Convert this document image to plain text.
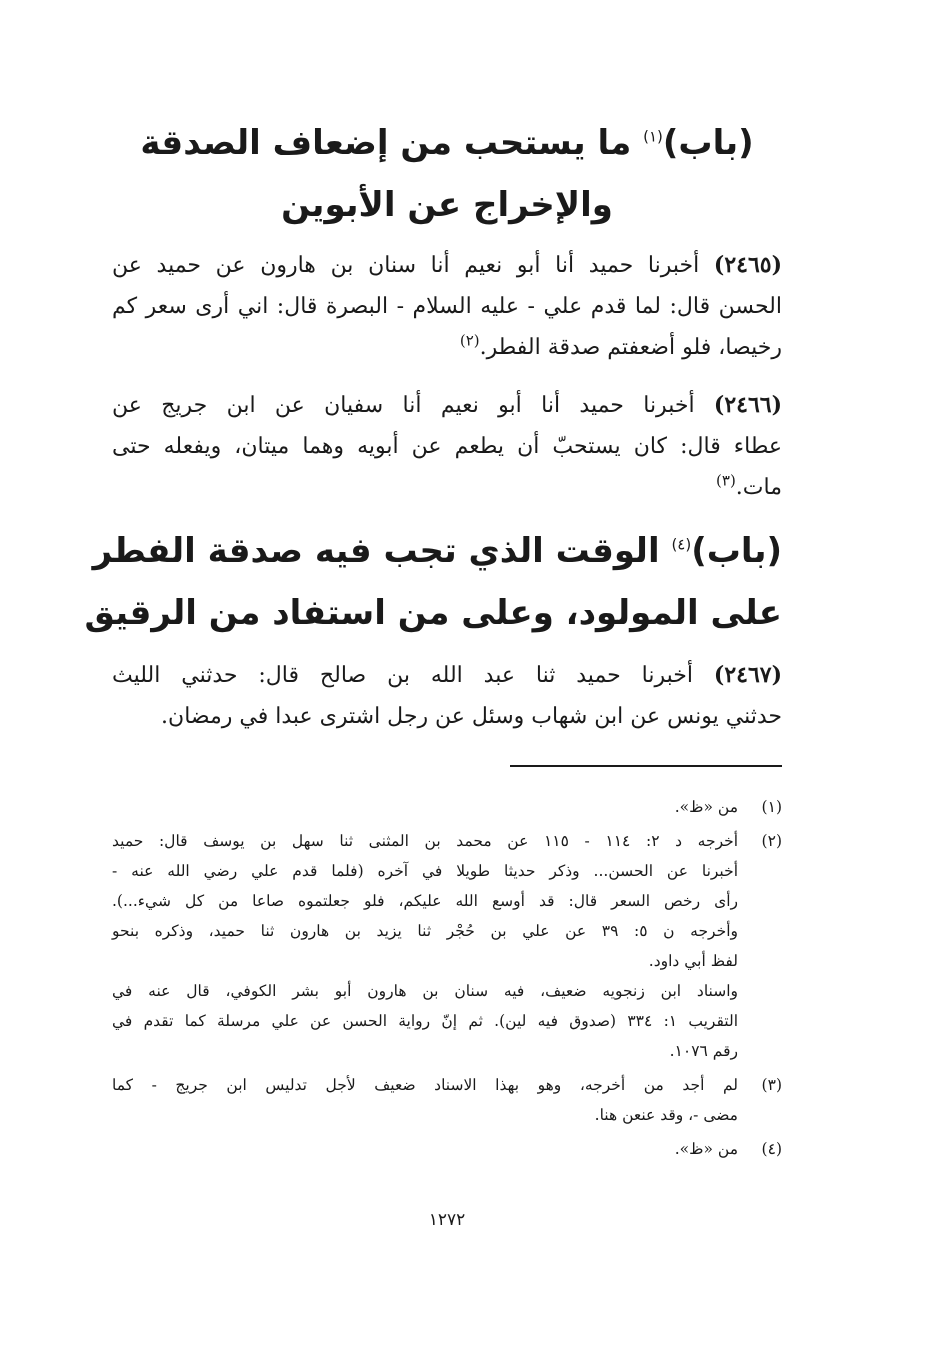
(باب)$^{(١)}$ ما يستحب من إضعاف الصدقة
والإخراج عن الأبوين

(٢٤٦٥) أخبرنا حميد أنا أبو نعيم أنا سنان بن هارون عن حميد عن
الحسن قال: لما قدم علي - عليه السلام - البصرة قال: اني أرى سعر كم
رخيصا، فلو أضعفتم صدقة الفطر.$^{(٢)}$

(٢٤٦٦) أخبرنا حميد أنا أبو نعيم أنا سفيان عن ابن جريج عن
عطاء قال: كان يستحبّ أن يطعم عن أبويه وهما ميتان، ويفعله حتى
مات.$^{(٣)}$

(باب)$^{(٤)}$ الوقت الذي تجب فيه صدقة الفطر
على المولود، وعلى من استفاد من الرقيق

(٢٤٦٧) أخبرنا حميد ثنا عبد الله بن صالح قال: حدثني الليث
حدثني يونس عن ابن شهاب وسئل عن رجل اشترى عبدا في رمضان.

(١)
من «ظ».
(٢)
أخرجه د ٢: ١١٤ - ١١٥ عن محمد بن المثنى ثنا سهل بن يوسف قال: حميد
أخبرنا عن الحسن... وذكر حديثا طويلا في آخره (فلما قدم علي رضي الله عنه -
رأى رخص السعر قال: قد أوسع الله عليكم، فلو جعلتموه صاعا من كل شيء...).
وأخرجه ن ٥: ٣٩ عن علي بن حُجْر ثنا يزيد بن هارون ثنا حميد، وذكره بنحو
لفظ أبي داود.
واسناد ابن زنجويه ضعيف، فيه سنان بن هارون أبو بشر الكوفي، قال عنه في
التقريب ١: ٣٣٤ (صدوق فيه لين). ثم إنّ رواية الحسن عن علي مرسلة كما تقدم في
رقم ١٠٧٦.
(٣)
لم أجد من أخرجه، وهو بهذا الاسناد ضعيف لأجل تدليس ابن جريج - كما
مضى -، وقد عنعن هنا.
(٤)
من «ظ».
١٢٧٢
